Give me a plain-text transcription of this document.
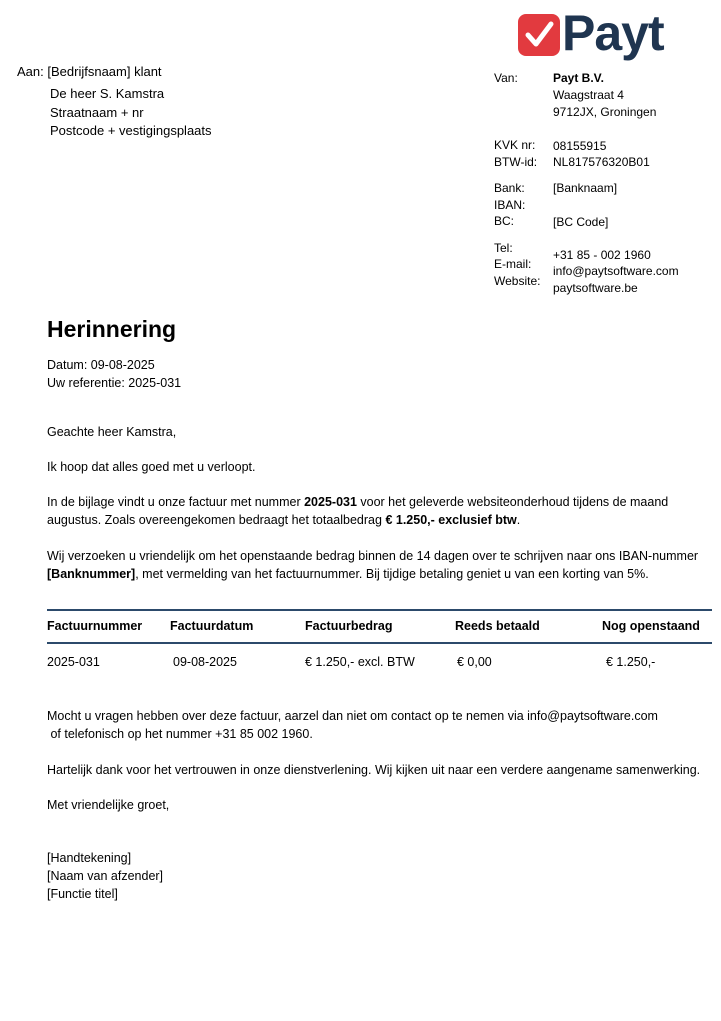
Payt
Aan: [Bedrijfsnaam] klant
De heer S. Kamstra
Straatnaam + nr
Postcode + vestigingsplaats
Van:	Payt B.V.
Waagstraat 4
9712JX, Groningen
KVK nr: 08155915
BTW-id: NL817576320B01
Bank: [Banknaam]
IBAN:
BC:	[BC Code]
Tel:	+31 85 - 002 1960
E-mail: info@paytsoftware.com
Website: paytsoftware.be
Herinnering
Datum: 09-08-2025
Uw referentie: 2025-031
Geachte heer Kamstra,
Ik hoop dat alles goed met u verloopt.
In de bijlage vindt u onze factuur met nummer 2025-031 voor het geleverde websiteonderhoud tijdens de maand
augustus. Zoals overeengekomen bedraagt het totaalbedrag € 1.250,- exclusief btw.
Wij verzoeken u vriendelijk om het openstaande bedrag binnen de 14 dagen over te schrijven naar ons IBAN-nummer
[Banknummer], met vermelding van het factuurnummer. Bij tijdige betaling geniet u van een korting van 5%.
Factuurnummer Factuurdatum	Factuurbedrag	Reeds betaald	Nog openstaand
2025-031	09-08-2025	€ 1.250,- excl. BTW	€ 0,00	€ 1.250,-
Mocht u vragen hebben over deze factuur, aarzel dan niet om contact op te nemen via info@paytsoftware.com
of telefonisch op het nummer +31 85 002 1960.
Hartelijk dank voor het vertrouwen in onze dienstverlening. Wij kijken uit naar een verdere aangename samenwerking.
Met vriendelijke groet,
[Handtekening]
[Naam van afzender]
[Functie titel]
